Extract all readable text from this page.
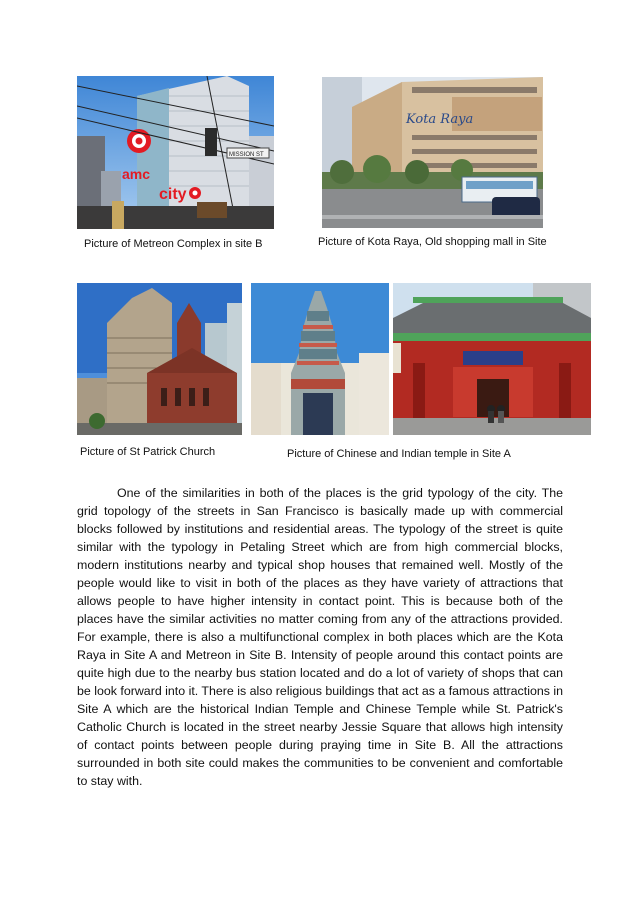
amc
city
MISSION ST
Kota Raya
Picture of Metreon Complex in site B	Picture of Kota Raya, Old shopping mall in Site
Picture of St Patrick Church	Picture of Chinese and Indian temple in Site A

One of the similarities in both of the places is the grid typology of the city. The grid topology of the streets in San Francisco is basically made up with commercial blocks followed by institutions and residential areas. The typology of the street is quite similar with the typology in Petaling Street which are from high commercial blocks, modern institutions nearby and typical shop houses that remained well. Mostly of the people would like to visit in both of the places as they have variety of attractions that allows people to have higher intensity in contact point. This is because both of the places have the similar activities no matter coming from any of the attractions provided. For example, there is also a multifunctional complex in both places which are the Kota Raya in Site A and Metreon in Site B. Intensity of people around this contact points are quite high due to the nearby bus station located and do a lot of variety of shops that can be look forward into it. There is also religious buildings that act as a famous attractions in Site A which are the historical Indian Temple and Chinese Temple while St. Patrick's Catholic Church is located in the street nearby Jessie Square that allows high intensity of contact points between people during praying time in Site B. All the attractions surrounded in both site could makes the communities to be convenient and comfortable to stay with.
